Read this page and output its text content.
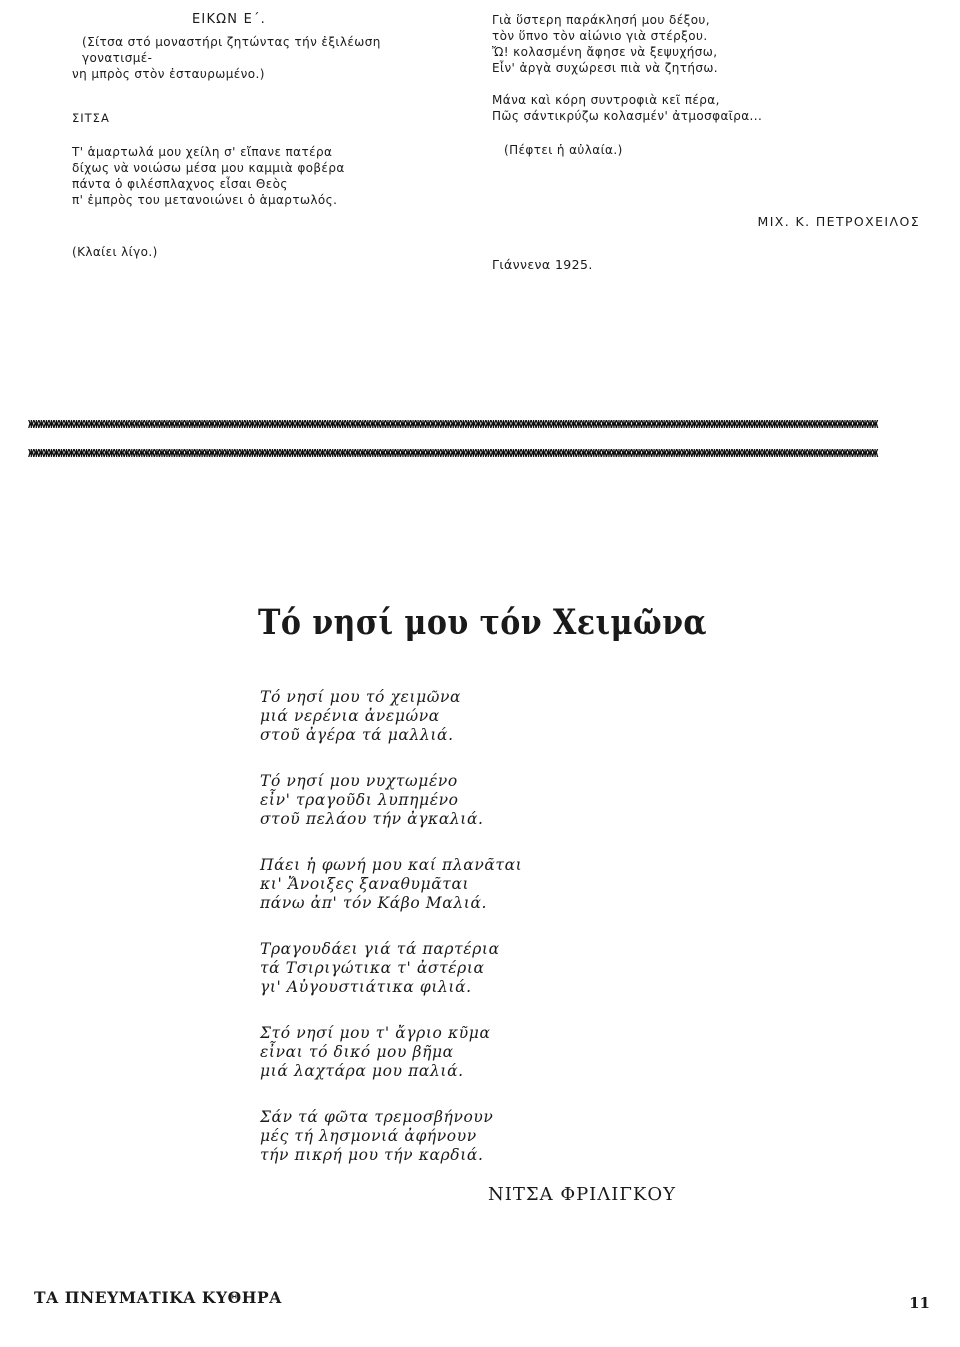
ΕΙΚΩΝ Ε΄.
(Σίτσα στό μοναστήρι ζητώντας τήν ἐξιλέωση γονατισμέ-
νη μπρὸς στὸν ἐσταυρωμένο.)
ΣΙΤΣΑ
Τ' ἁμαρτωλά μου χείλη σ' εἴπανε πατέρα
δίχως νὰ νοιώσω μέσα μου καμμιὰ φοβέρα
πάντα ὁ φιλέσπλαχνος εἶσαι Θεὸς
π' ἐμπρὸς του μετανοιώνει ὁ ἁμαρτωλός.
(Κλαίει λίγο.)
Γιὰ ὕστερη παράκλησή μου δέξου,
τὸν ὕπνο τὸν αἰώνιο γιὰ στέρξου.
Ὤ! κολασμένη ἄφησε νὰ ξεψυχήσω,
Εἶν' ἀργὰ συχώρεσι πιὰ νὰ ζητήσω.
Μάνα καὶ κόρη συντροφιὰ κεῖ πέρα,
Πῶς σάντικρύζω κολασμέν' ἀτμοσφαῖρα...
(Πέφτει ἡ αὐλαία.)
ΜΙΧ. Κ. ΠΕΤΡΟΧΕΙΛΟΣ
Γιάννενα 1925.
ЖЖЖЖЖЖЖЖЖЖЖЖЖЖЖЖЖЖЖЖЖЖЖЖЖЖЖЖЖЖЖЖЖЖЖЖЖЖЖЖЖЖЖЖЖЖЖЖЖЖЖЖЖЖЖЖЖЖЖЖЖЖЖЖЖЖЖЖЖЖЖЖЖЖЖЖЖЖЖЖЖЖЖЖЖЖЖЖЖЖЖЖЖЖЖЖЖЖЖЖЖЖЖЖЖЖЖЖЖЖЖЖЖЖЖЖЖЖЖЖЖЖЖЖЖЖЖЖЖЖЖЖЖЖЖЖЖЖЖЖЖЖЖЖЖЖЖЖЖЖЖЖЖЖЖЖЖЖЖЖЖЖЖЖЖЖЖЖЖ
ЖЖЖЖЖЖЖЖЖЖЖЖЖЖЖЖЖЖЖЖЖЖЖЖЖЖЖЖЖЖЖЖЖЖЖЖЖЖЖЖЖЖЖЖЖЖЖЖЖЖЖЖЖЖЖЖЖЖЖЖЖЖЖЖЖЖЖЖЖЖЖЖЖЖЖЖЖЖЖЖЖЖЖЖЖЖЖЖЖЖЖЖЖЖЖЖЖЖЖЖЖЖЖЖЖЖЖЖЖЖЖЖЖЖЖЖЖЖЖЖЖЖЖЖЖЖЖЖЖЖЖЖЖЖЖЖЖЖЖЖЖЖЖЖЖЖЖЖЖЖЖЖЖЖЖЖЖЖЖЖЖЖЖЖЖЖЖЖЖ
Τό νησί μου τόν Χειμῶνα
Τό νησί μου τό χειμῶνα
μιά νερένια ἀνεμώνα
στοῦ ἀγέρα τά μαλλιά.
Τό νησί μου νυχτωμένο
εἶν' τραγοῦδι λυπημένο
στοῦ πελάου τήν ἀγκαλιά.
Πάει ἡ φωνή μου καί πλανᾶται
κι' Ἄνοιξες ξαναθυμᾶται
πάνω ἀπ' τόν Κάβο Μαλιά.
Τραγουδάει γιά τά παρτέρια
τά Τσιριγώτικα τ' ἀστέρια
γι' Αὐγουστιάτικα φιλιά.
Στό νησί μου τ' ἄγριο κῦμα
εἶναι τό δικό μου βῆμα
μιά λαχτάρα μου παλιά.
Σάν τά φῶτα τρεμοσβήνουν
μές τή λησμονιά ἀφήνουν
τήν πικρή μου τήν καρδιά.
ΝΙΤΣΑ ΦΡΙΛΙΓΚΟΥ
ΤΑ ΠΝΕΥΜΑΤΙΚΑ ΚΥΘΗΡΑ	11
